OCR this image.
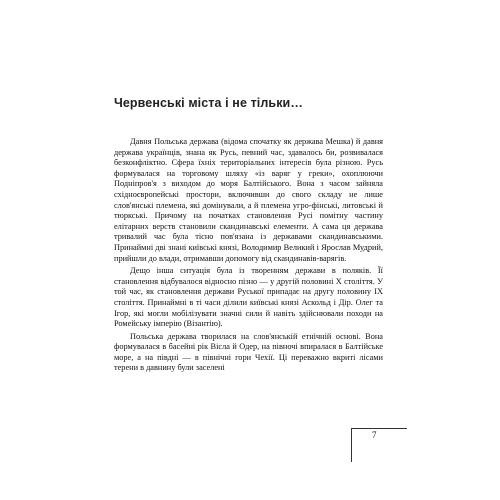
Червенські міста і не тільки…

Давня Польська держава (відома спочатку як держава Мешка) й давня держава українців, знана як Русь, певний час, здавалось би, розвивалася безконфліктно. Сфера їхніх територіальних інтересів була різною. Русь формувалася на торговому шляху «із варяг у греки», охоплюючи Подніпров'я з виходом до моря Балтійського. Вона з часом зайняла східноєвропейські простори, включивши до свого складу не лише слов'янські племена, які домінували, а й племена угро-фінські, литовські й тюркські. Причому на початках становлення Русі помітну частину елітарних верств становили скандинавські елементи. А сама ця держава тривалий час була тісно пов'язана із державами скандинавськими. Принаймні дві знані київські князі, Володимир Великий і Ярослав Мудрий, прийшли до влади, отримавши допомогу від скандинавів-варягів.

Дещо інша ситуація була із творенням держави в поляків. Її становлення відбувалося відносно пізно — у другій половині X століття. У той час, як становлення держави Руської припадає на другу половину IX століття. Принаймні в ті часи ділили київські князі Аскольд і Дір. Олег та Ігор, які могли мобілізувати значні сили й навіть здійснювали походи на Ромейську імперію (Візантію).

Польська держава творилася на слов'янській етнічній основі. Вона формувалася в басейні рік Вісла й Одер, на півночі впиралася в Балтійське море, а на півдні — в північні гори Чехії. Ці переважно вкриті лісами терени в давнину були заселені

7
